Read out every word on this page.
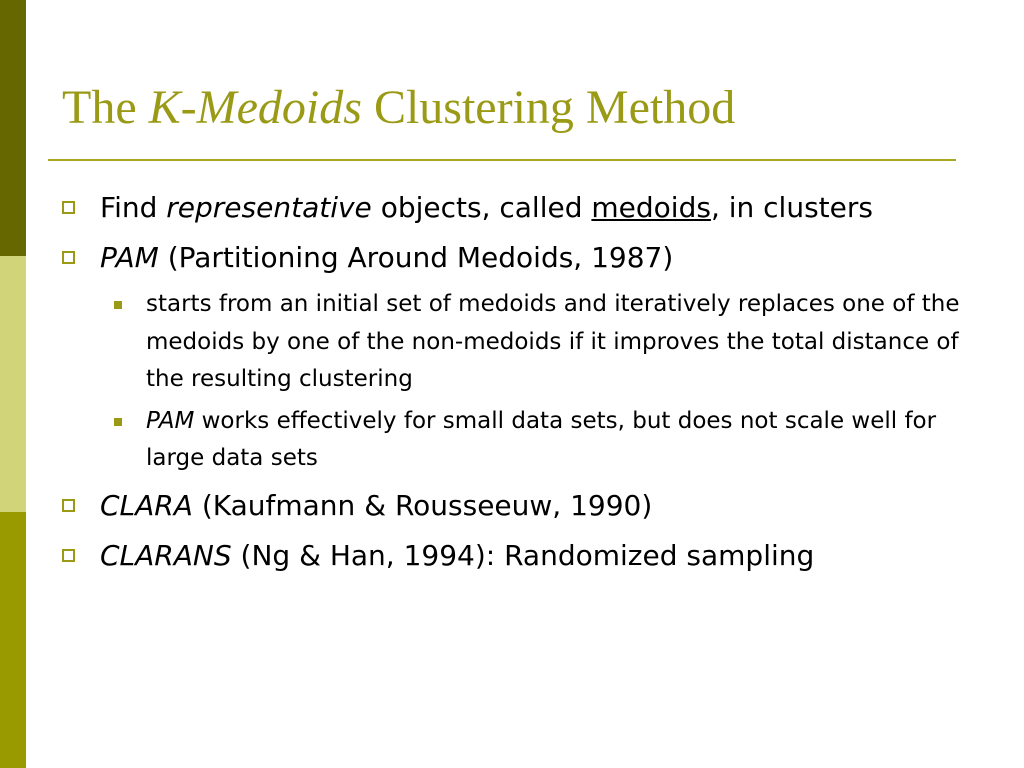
The K-Medoids Clustering Method
Find representative objects, called medoids, in clusters
PAM (Partitioning Around Medoids, 1987)
starts from an initial set of medoids and iteratively replaces one of the medoids by one of the non-medoids if it improves the total distance of the resulting clustering
PAM works effectively for small data sets, but does not scale well for large data sets
CLARA (Kaufmann & Rousseeuw, 1990)
CLARANS (Ng & Han, 1994): Randomized sampling
